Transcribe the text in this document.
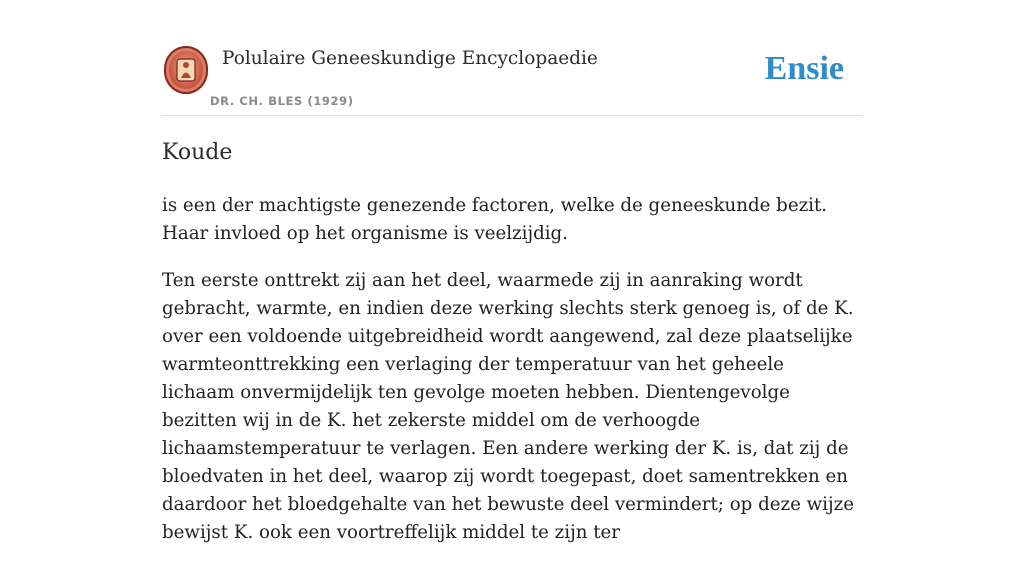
Polulaire Geneeskundige Encyclopaedie
DR. CH. BLES (1929)
Ensie
Koude

is een der machtigste genezende factoren, welke de geneeskunde bezit. Haar invloed op het organisme is veelzijdig.

Ten eerste onttrekt zij aan het deel, waarmede zij in aanraking wordt gebracht, warmte, en indien deze werking slechts sterk genoeg is, of de K. over een voldoende uitgebreidheid wordt aangewend, zal deze plaatselijke warmteonttrekking een verlaging der temperatuur van het geheele lichaam onvermijdelijk ten gevolge moeten hebben. Dientengevolge bezitten wij in de K. het zekerste middel om de verhoogde lichaamstemperatuur te verlagen. Een andere werking der K. is, dat zij de bloedvaten in het deel, waarop zij wordt toegepast, doet samentrekken en daardoor het bloedgehalte van het bewuste deel vermindert; op deze wijze bewijst K. ook een voortreffelijk middel te zijn ter
